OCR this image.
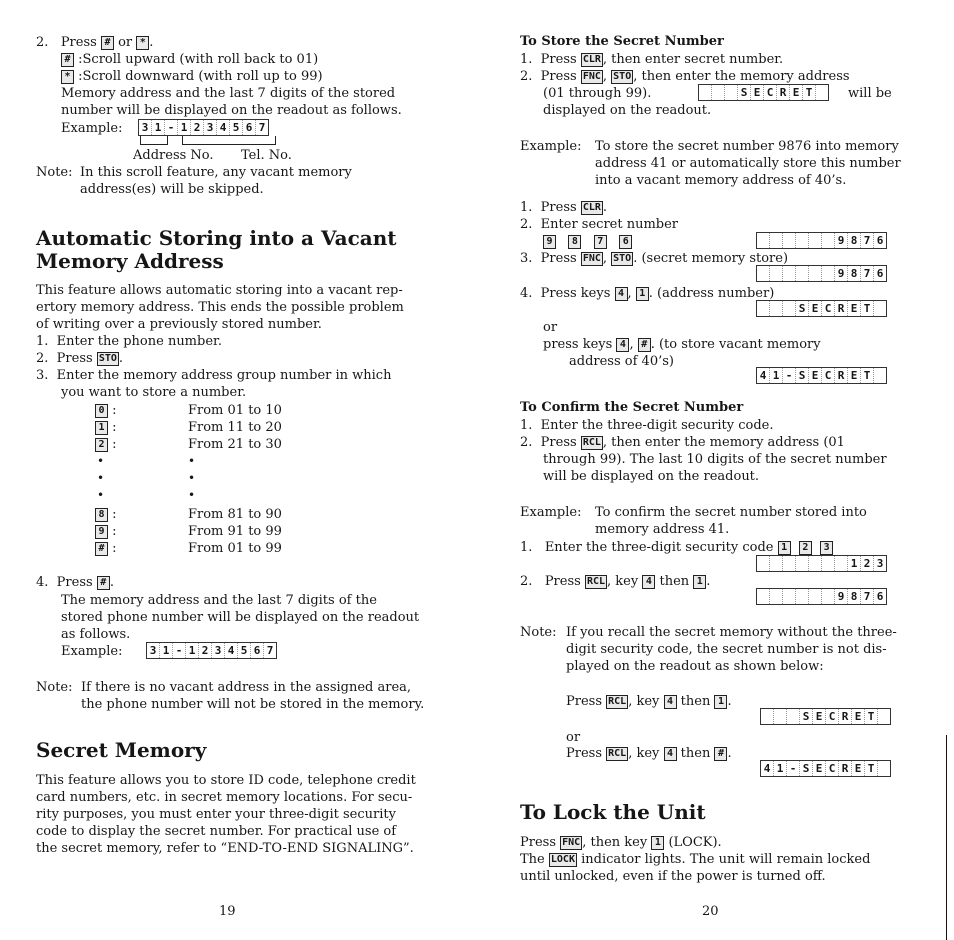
2. Press # or * .
# :Scroll upward (with roll back to 01)
* :Scroll downward (with roll up to 99)
Memory address and the last 7 digits of the stored
number will be displayed on the readout as follows.
Example: 3 1 - 1 2 3 4 5 6 7
Address No. Tel. No.
Note: In this scroll feature, any vacant memory
address(es) will be skipped.
Automatic Storing into a Vacant
Memory Address
This feature allows automatic storing into a vacant rep-
ertory memory address. This ends the possible problem
of writing over a previously stored number.
1. Enter the phone number.
2. Press STO .
3. Enter the memory address group number in which
you want to store a number.
0 :	From 01 to 10
1 :	From 11 to 20
2 :	From 21 to 30
•	•
•	•
•	•
8 :	From 81 to 90
9 :	From 91 to 99
# :	From 01 to 99
4. Press # .
The memory address and the last 7 digits of the
stored phone number will be displayed on the readout
as follows.
Example: 3 1 - 1 2 3 4 5 6 7
Note: If there is no vacant address in the assigned area,
the phone number will not be stored in the memory.
Secret Memory
This feature allows you to store ID code, telephone credit
card numbers, etc. in secret memory locations. For secu-
rity purposes, you must enter your three-digit security
code to display the secret number. For practical use of
the secret memory, refer to “END-TO-END SIGNALING”.
19
To Store the Secret Number
1. Press CLR , then enter secret number.
2. Press FNC , STO , then enter the memory address
(01 through 99).	S E C R E T	will be
displayed on the readout.
Example: To store the secret number 9876 into memory
address 41 or automatically store this number
into a vacant memory address of 40’s.
1. Press CLR .
2. Enter secret number
9 8 7 6	9 8 7 6
3. Press FNC , STO . (secret memory store)
9 8 7 6
4. Press keys 4 , 1 . (address number)
S E C R E T
or
press keys 4 , # . (to store vacant memory
address of 40’s)
4 1 - S E C R E T
To Confirm the Secret Number
1. Enter the three-digit security code.
2. Press RCL , then enter the memory address (01
through 99). The last 10 digits of the secret number
will be displayed on the readout.
Example: To confirm the secret number stored into
memory address 41.
1. Enter the three-digit security code 1 2 3
1 2 3
2. Press RCL , key 4 then 1 .
9 8 7 6
Note: If you recall the secret memory without the three-
digit security code, the secret number is not dis-
played on the readout as shown below:
Press RCL , key 4 then 1 .
S E C R E T
or
Press RCL , key 4 then # .
4 1 - S E C R E T
To Lock the Unit
Press FNC , then key 1 (LOCK).
The LOCK indicator lights. The unit will remain locked
until unlocked, even if the power is turned off.
20
